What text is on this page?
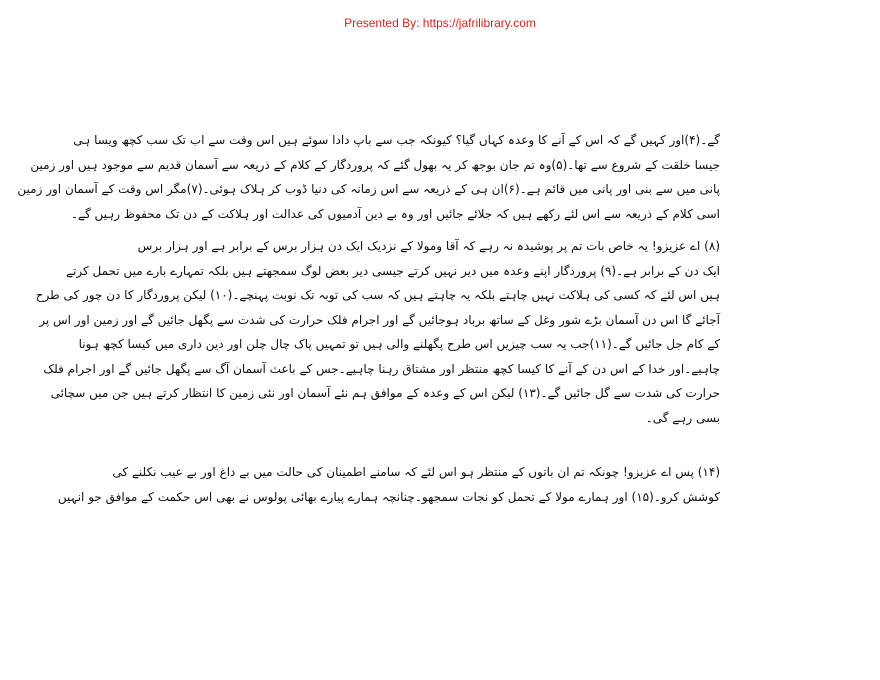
Presented By: https://jafrilibrary.com
گے۔(۴)اور کہیں گے کہ اس کے آنے کا وعدہ کہاں گیا؟ کیونکہ جب سے باپ دادا سوئے ہیں اس وقت سے اب تک سب کچھ ویسا ہی
جیسا خلقت کے شروع سے تھا۔(۵)وہ تم جان بوجھ کر یہ بھول گئے کہ پروردگار کے کلام کے ذریعہ سے آسمان قدیم سے موجود ہیں اور زمین
پانی میں سے بنی اور پانی میں قائم ہے۔(۶)ان ہی کے ذریعہ سے اس زمانہ کی دنیا ڈوب کر ہلاک ہوئی۔(۷)مگر اس وقت کے آسمان اور زمین
اسی کلام کے ذریعہ سے اس لئے رکھے ہیں کہ جلائے جائیں اور وہ بے دین آدمیوں کی عدالت اور ہلاکت کے دن تک محفوظ رہیں گے۔
(۸) اے عزیزو! یہ خاص بات تم پر پوشیدہ نہ رہے کہ آقا ومولا کے نزدیک ایک دن ہزار برس کے برابر ہے اور ہزار برس
ایک دن کے برابر ہے۔(۹) پروردگار اپنے وعدہ میں دیر نہیں کرتے جیسی دیر بعض لوگ سمجھتے ہیں بلکہ تمہارے بارے میں تحمل کرتے
ہیں اس لئے کہ کسی کی ہلاکت نہیں چاہتے بلکہ یہ چاہتے ہیں کہ سب کی توبہ تک نوبت پہنچے۔(۱۰) لیکن پروردگار کا دن چور کی طرح
آجائے گا اس دن آسمان بڑے شور وغل کے ساتھ برباد ہوجائیں گے اور اجرام فلک حرارت کی شدت سے پگھل جائیں گے اور زمین اور اس پر
کے کام جل جائیں گے۔(۱۱)جب یہ سب چیزیں اس طرح پگھلنے والی ہیں تو تمہیں پاک چال چلن اور دین داری میں کیسا کچھ ہونا
چاہیے۔اور خدا کے اس دن کے آنے کا کیسا کچھ منتظر اور مشتاق رہنا چاہیے۔جس کے باعث آسمان آگ سے پگھل جائیں گے اور اجرام فلک
حرارت کی شدت سے گل جائیں گے۔(۱۳) لیکن اس کے وعدہ کے موافق ہم نئے آسمان اور نئی زمین کا انتظار کرتے ہیں جن میں سچائی
بسی رہے گی۔
(۱۴) پس اے عزیزو! چونکہ تم ان باتوں کے منتظر ہو اس لئے کہ سامنے اطمینان کی حالت میں بے داغ اور بے عیب نکلنے کی
کوشش کرو۔(۱۵) اور ہمارے مولا کے تحمل کو نجات سمجھو۔چنانچہ ہمارے پیارے بھائی پولوس نے بھی اس حکمت کے موافق جو انہیں
